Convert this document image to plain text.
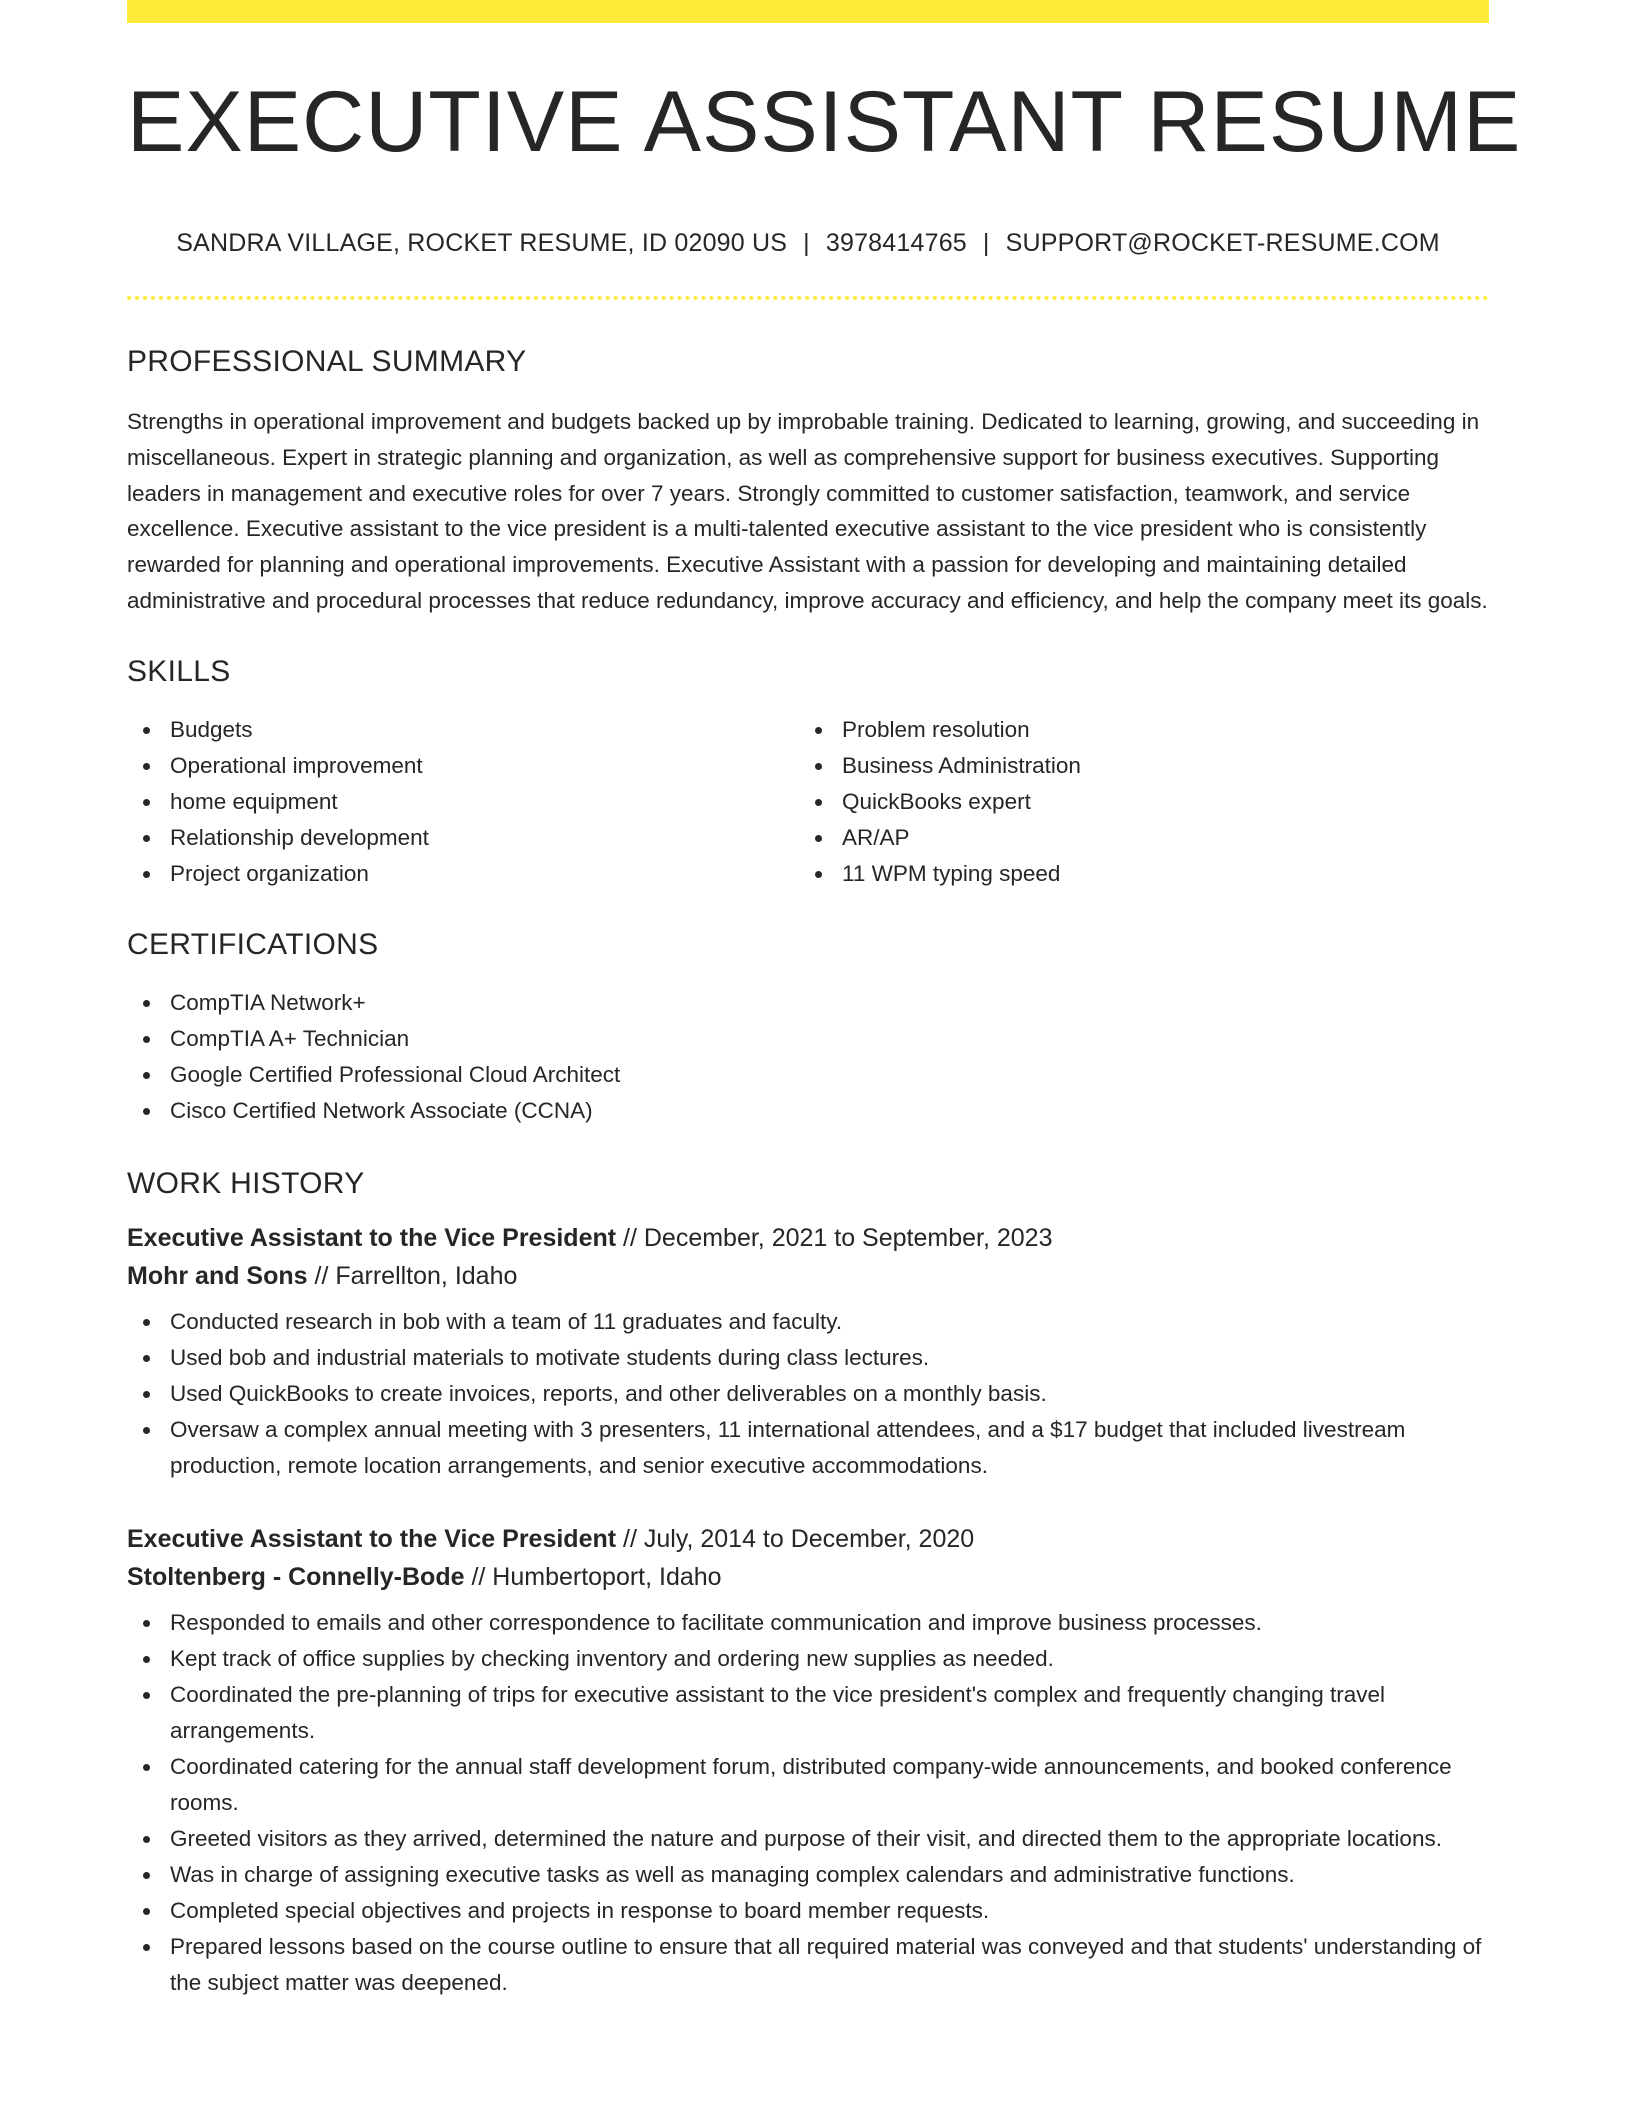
EXECUTIVE ASSISTANT RESUME
SANDRA VILLAGE, ROCKET RESUME, ID 02090 US | 3978414765 | SUPPORT@ROCKET-RESUME.COM
PROFESSIONAL SUMMARY

Strengths in operational improvement and budgets backed up by improbable training. Dedicated to learning, growing, and succeeding in miscellaneous. Expert in strategic planning and organization, as well as comprehensive support for business executives. Supporting leaders in management and executive roles for over 7 years. Strongly committed to customer satisfaction, teamwork, and service excellence. Executive assistant to the vice president is a multi-talented executive assistant to the vice president who is consistently rewarded for planning and operational improvements. Executive Assistant with a passion for developing and maintaining detailed administrative and procedural processes that reduce redundancy, improve accuracy and efficiency, and help the company meet its goals.

SKILLS
Budgets
Operational improvement
home equipment
Relationship development
Project organization
Problem resolution
Business Administration
QuickBooks expert
AR/AP
11 WPM typing speed
CERTIFICATIONS
CompTIA Network+
CompTIA A+ Technician
Google Certified Professional Cloud Architect
Cisco Certified Network Associate (CCNA)
WORK HISTORY
Executive Assistant to the Vice President // December, 2021 to September, 2023
Mohr and Sons // Farrellton, Idaho
Conducted research in bob with a team of 11 graduates and faculty.
Used bob and industrial materials to motivate students during class lectures.
Used QuickBooks to create invoices, reports, and other deliverables on a monthly basis.
Oversaw a complex annual meeting with 3 presenters, 11 international attendees, and a $17 budget that included livestream production, remote location arrangements, and senior executive accommodations.
Executive Assistant to the Vice President // July, 2014 to December, 2020
Stoltenberg - Connelly-Bode // Humbertoport, Idaho
Responded to emails and other correspondence to facilitate communication and improve business processes.
Kept track of office supplies by checking inventory and ordering new supplies as needed.
Coordinated the pre-planning of trips for executive assistant to the vice president's complex and frequently changing travel arrangements.
Coordinated catering for the annual staff development forum, distributed company-wide announcements, and booked conference rooms.
Greeted visitors as they arrived, determined the nature and purpose of their visit, and directed them to the appropriate locations.
Was in charge of assigning executive tasks as well as managing complex calendars and administrative functions.
Completed special objectives and projects in response to board member requests.
Prepared lessons based on the course outline to ensure that all required material was conveyed and that students' understanding of the subject matter was deepened.
